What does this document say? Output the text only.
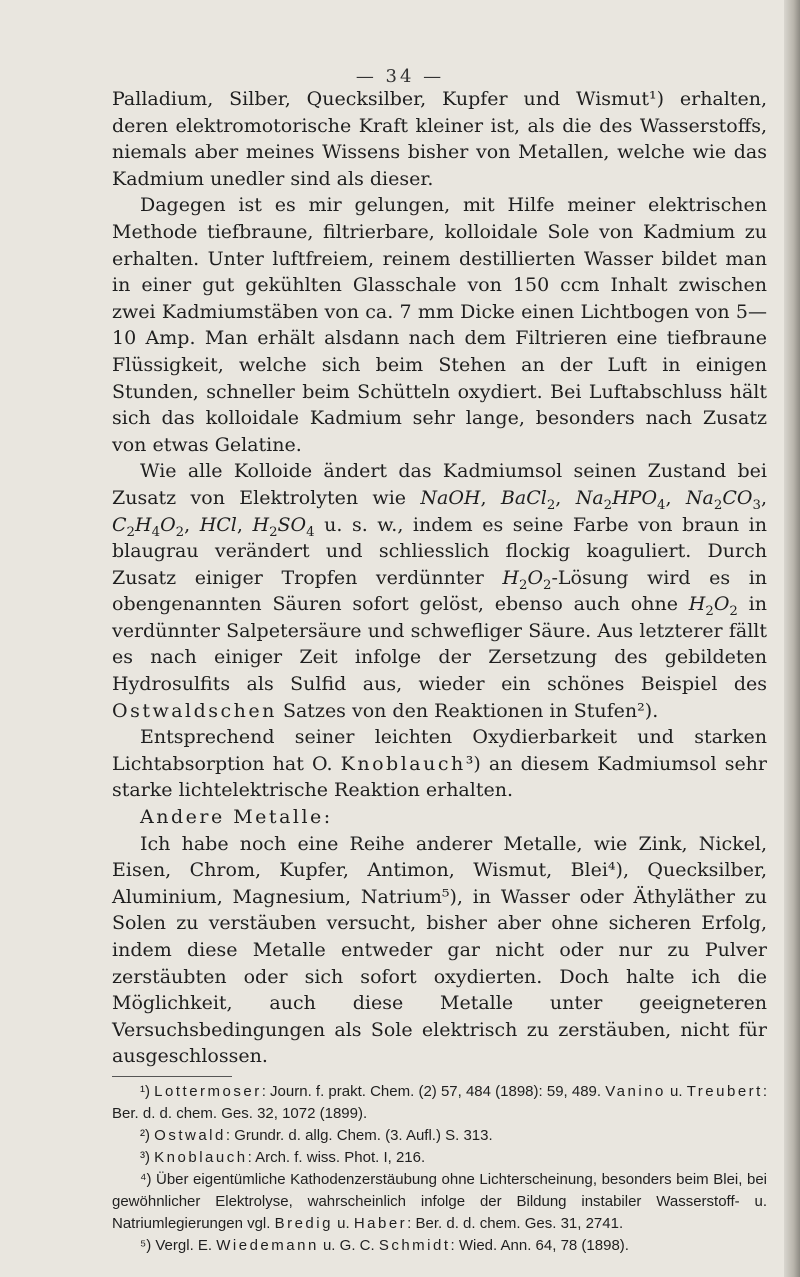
— 34 —

Palladium, Silber, Quecksilber, Kupfer und Wismut¹) erhalten, deren elektromotorische Kraft kleiner ist, als die des Wasserstoffs, niemals aber meines Wissens bisher von Metallen, welche wie das Kadmium unedler sind als dieser.

Dagegen ist es mir gelungen, mit Hilfe meiner elektrischen Methode tiefbraune, filtrierbare, kolloidale Sole von Kadmium zu erhalten. Unter luftfreiem, reinem destillierten Wasser bildet man in einer gut gekühlten Glasschale von 150 ccm Inhalt zwischen zwei Kadmiumstäben von ca. 7 mm Dicke einen Lichtbogen von 5—10 Amp. Man erhält alsdann nach dem Filtrieren eine tiefbraune Flüssigkeit, welche sich beim Stehen an der Luft in einigen Stunden, schneller beim Schütteln oxydiert. Bei Luftabschluss hält sich das kolloidale Kadmium sehr lange, besonders nach Zusatz von etwas Gelatine.

Wie alle Kolloide ändert das Kadmiumsol seinen Zustand bei Zusatz von Elektrolyten wie NaOH, BaCl$_2$, $Na_2HPO_4$, $Na_2CO_3$, $C_2H_4O_2$, HCl, $H_2SO_4$ u. s. w., indem es seine Farbe von braun in blaugrau verändert und schliesslich flockig koaguliert. Durch Zusatz einiger Tropfen verdünnter $H_2O_2$-Lösung wird es in obengenannten Säuren sofort gelöst, ebenso auch ohne $H_2O_2$ in verdünnter Salpetersäure und schwefliger Säure. Aus letzterer fällt es nach einiger Zeit infolge der Zersetzung des gebildeten Hydrosulfits als Sulfid aus, wieder ein schönes Beispiel des Ostwaldschen Satzes von den Reaktionen in Stufen²).

Entsprechend seiner leichten Oxydierbarkeit und starken Lichtabsorption hat O. Knoblauch³) an diesem Kadmiumsol sehr starke lichtelektrische Reaktion erhalten.

Andere Metalle:

Ich habe noch eine Reihe anderer Metalle, wie Zink, Nickel, Eisen, Chrom, Kupfer, Antimon, Wismut, Blei⁴), Quecksilber, Aluminium, Magnesium, Natrium⁵), in Wasser oder Äthyläther zu Solen zu verstäuben versucht, bisher aber ohne sicheren Erfolg, indem diese Metalle entweder gar nicht oder nur zu Pulver zerstäubten oder sich sofort oxydierten. Doch halte ich die Möglichkeit, auch diese Metalle unter geeigneteren Versuchsbedingungen als Sole elektrisch zu zerstäuben, nicht für ausgeschlossen.

¹) Lottermoser: Journ. f. prakt. Chem. (2) 57, 484 (1898): 59, 489. Vanino u. Treubert: Ber. d. d. chem. Ges. 32, 1072 (1899).

²) Ostwald: Grundr. d. allg. Chem. (3. Aufl.) S. 313.

³) Knoblauch: Arch. f. wiss. Phot. I, 216.

⁴) Über eigentümliche Kathodenzerstäubung ohne Lichterscheinung, besonders beim Blei, bei gewöhnlicher Elektrolyse, wahrscheinlich infolge der Bildung instabiler Wasserstoff- u. Natriumlegierungen vgl. Bredig u. Haber: Ber. d. d. chem. Ges. 31, 2741.

⁵) Vergl. E. Wiedemann u. G. C. Schmidt: Wied. Ann. 64, 78 (1898).
